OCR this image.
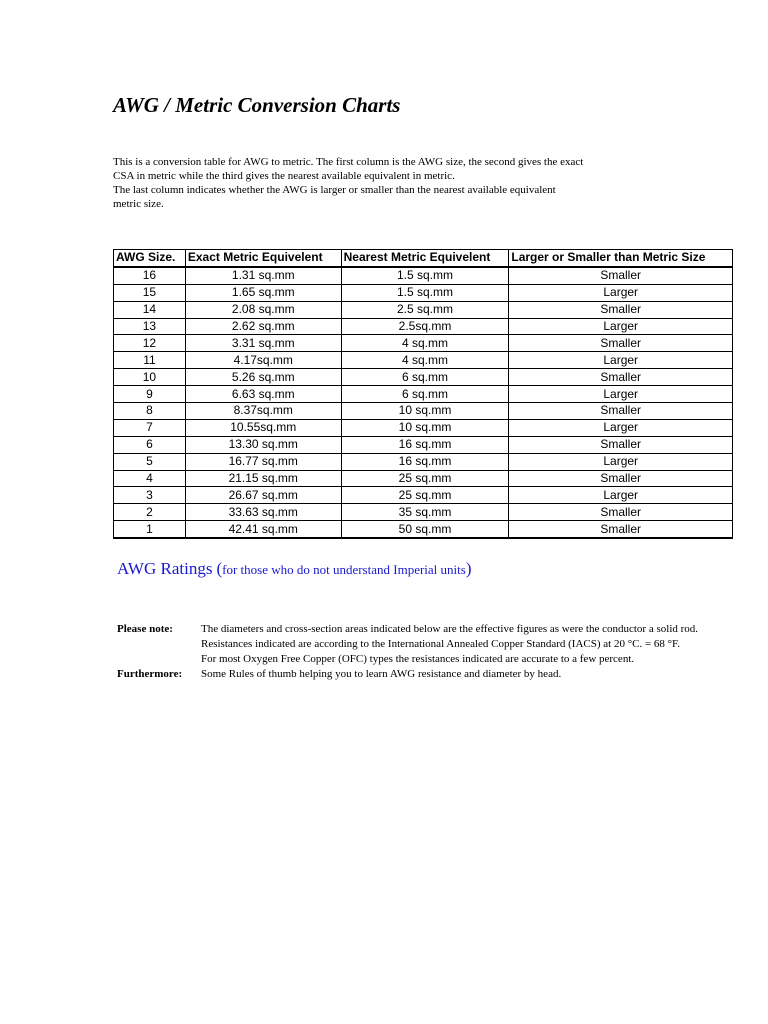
AWG / Metric Conversion Charts

This is a conversion table for AWG to metric. The first column is the AWG size, the second gives the exact

CSA in metric while the third gives the nearest available equivalent in metric.

The last column indicates whether the AWG is larger or smaller than the nearest available equivalent

metric size.

AWG Size.	Exact Metric Equivelent	Nearest Metric Equivelent	Larger or Smaller than Metric Size
16	1.31 sq.mm	1.5 sq.mm	Smaller
15	1.65 sq.mm	1.5 sq.mm	Larger
14	2.08 sq.mm	2.5 sq.mm	Smaller
13	2.62 sq.mm	2.5sq.mm	Larger
12	3.31 sq.mm	4 sq.mm	Smaller
11	4.17sq.mm	4 sq.mm	Larger
10	5.26 sq.mm	6 sq.mm	Smaller
9	6.63 sq.mm	6 sq.mm	Larger
8	8.37sq.mm	10 sq.mm	Smaller
7	10.55sq.mm	10 sq.mm	Larger
6	13.30 sq.mm	16 sq.mm	Smaller
5	16.77 sq.mm	16 sq.mm	Larger
4	21.15 sq.mm	25 sq.mm	Smaller
3	26.67 sq.mm	25 sq.mm	Larger
2	33.63 sq.mm	35 sq.mm	Smaller
1	42.41 sq.mm	50 sq.mm	Smaller

AWG Ratings (for those who do not understand Imperial units)

Please note:	The diameters and cross-section areas indicated below are the effective figures as were the conductor a solid rod.
Resistances indicated are according to the International Annealed Copper Standard (IACS) at 20 °C. = 68 °F.
For most Oxygen Free Copper (OFC) types the resistances indicated are accurate to a few percent.
Furthermore:	Some Rules of thumb helping you to learn AWG resistance and diameter by head.
